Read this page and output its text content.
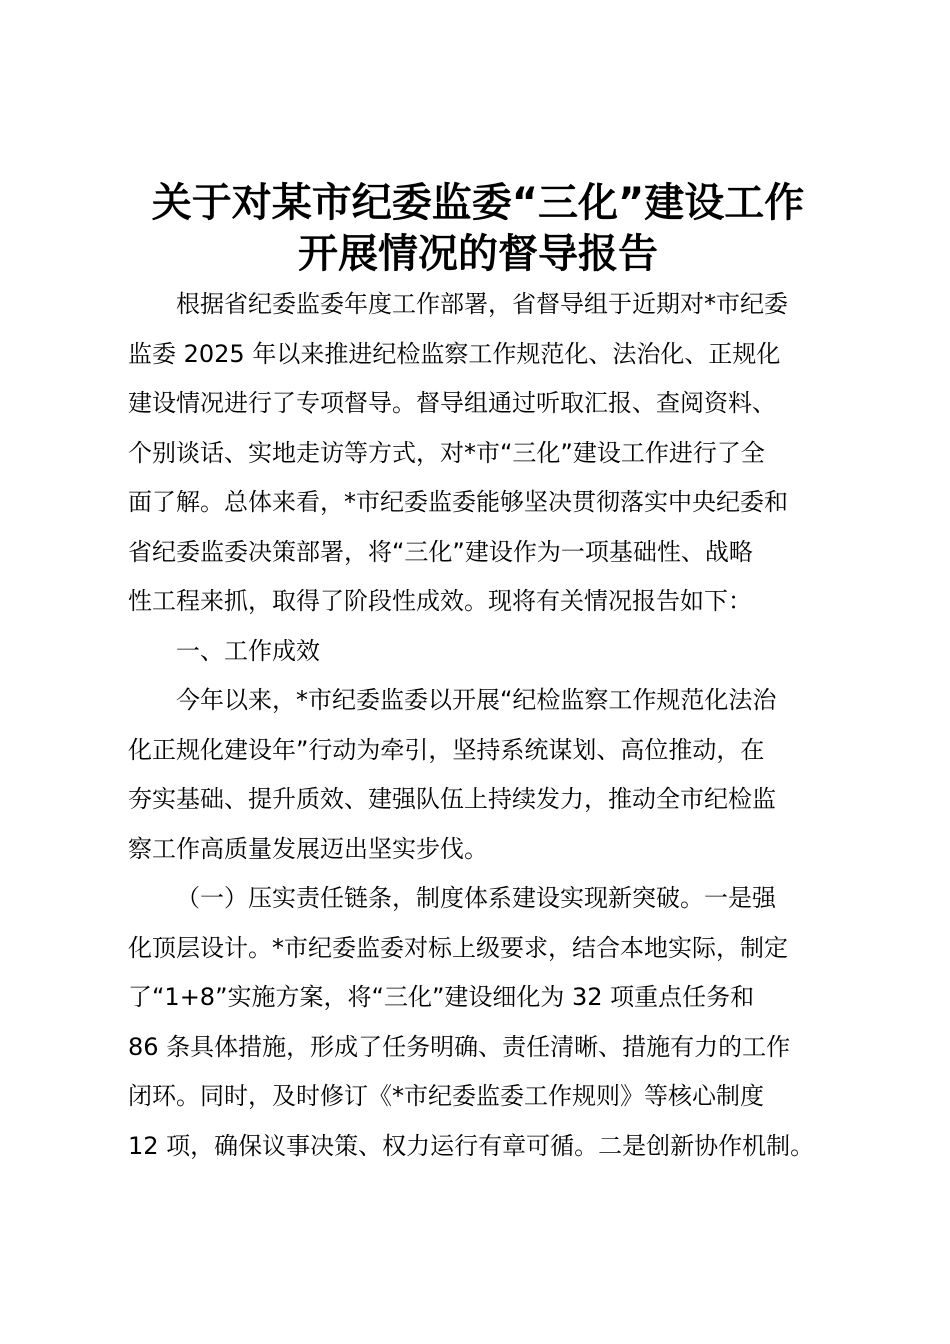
关于对某市纪委监委“三化”建设工作
开展情况的督导报告
根据省纪委监委年度工作部署，省督导组于近期对*市纪委
监委 2025 年以来推进纪检监察工作规范化、法治化、正规化
建设情况进行了专项督导。督导组通过听取汇报、查阅资料、
个别谈话、实地走访等方式，对*市“三化”建设工作进行了全
面了解。总体来看，*市纪委监委能够坚决贯彻落实中央纪委和
省纪委监委决策部署，将“三化”建设作为一项基础性、战略
性工程来抓，取得了阶段性成效。现将有关情况报告如下：
一、工作成效
今年以来，*市纪委监委以开展“纪检监察工作规范化法治
化正规化建设年”行动为牵引，坚持系统谋划、高位推动，在
夯实基础、提升质效、建强队伍上持续发力，推动全市纪检监
察工作高质量发展迈出坚实步伐。
（一）压实责任链条，制度体系建设实现新突破。一是强
化顶层设计。*市纪委监委对标上级要求，结合本地实际，制定
了“1+8”实施方案，将“三化”建设细化为 32 项重点任务和
86 条具体措施，形成了任务明确、责任清晰、措施有力的工作
闭环。同时，及时修订《*市纪委监委工作规则》等核心制度
12 项，确保议事决策、权力运行有章可循。二是创新协作机制。
